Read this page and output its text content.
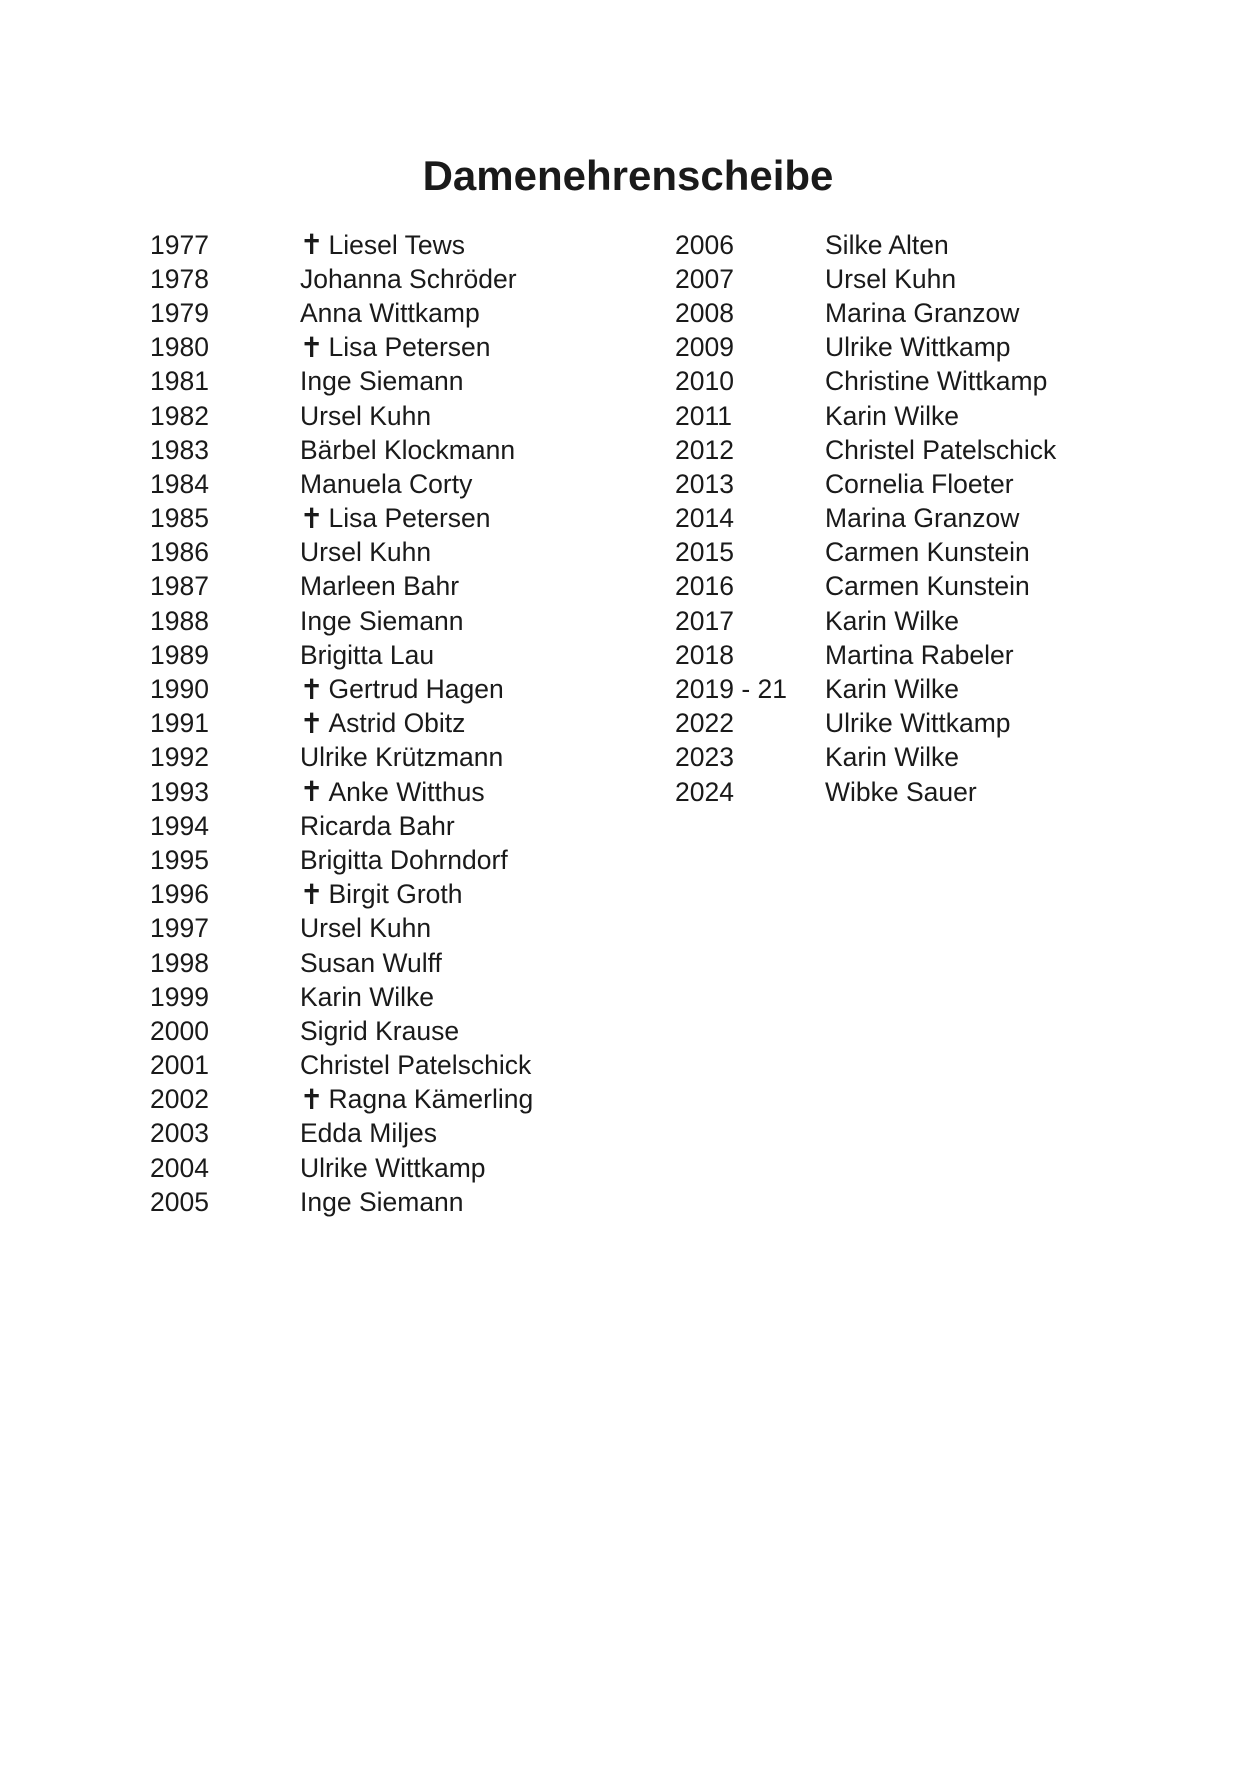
Damenehrenscheibe
1977	✝ Liesel Tews
1978	Johanna Schröder
1979	Anna Wittkamp
1980	✝ Lisa Petersen
1981	Inge Siemann
1982	Ursel Kuhn
1983	Bärbel Klockmann
1984	Manuela Corty
1985	✝ Lisa Petersen
1986	Ursel Kuhn
1987	Marleen Bahr
1988	Inge Siemann
1989	Brigitta Lau
1990	✝ Gertrud Hagen
1991	✝ Astrid Obitz
1992	Ulrike Krützmann
1993	✝ Anke Witthus
1994	Ricarda Bahr
1995	Brigitta Dohrndorf
1996	✝ Birgit Groth
1997	Ursel Kuhn
1998	Susan Wulff
1999	Karin Wilke
2000	Sigrid Krause
2001	Christel Patelschick
2002	✝ Ragna Kämerling
2003	Edda Miljes
2004	Ulrike Wittkamp
2005	Inge Siemann
2006	Silke Alten
2007	Ursel Kuhn
2008	Marina Granzow
2009	Ulrike Wittkamp
2010	Christine Wittkamp
2011	Karin Wilke
2012	Christel Patelschick
2013	Cornelia Floeter
2014	Marina Granzow
2015	Carmen Kunstein
2016	Carmen Kunstein
2017	Karin Wilke
2018	Martina Rabeler
2019 - 21	Karin Wilke
2022	Ulrike Wittkamp
2023	Karin Wilke
2024	Wibke Sauer
